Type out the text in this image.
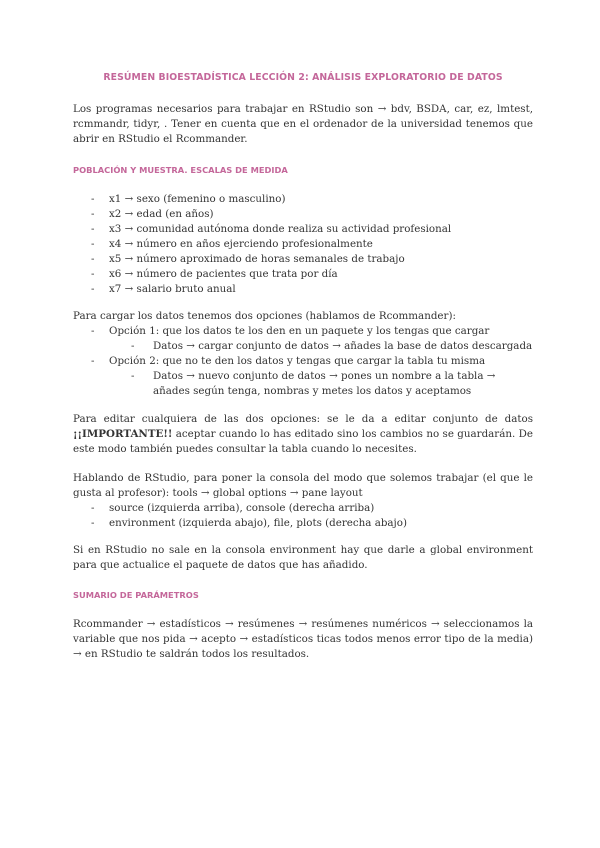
RESÚMEN BIOESTADÍSTICA LECCIÓN 2: ANÁLISIS EXPLORATORIO DE DATOS
Los programas necesarios para trabajar en RStudio son → bdv, BSDA, car, ez, lmtest, rcmmandr, tidyr, . Tener en cuenta que en el ordenador de la universidad tenemos que abrir en RStudio el Rcommander.
POBLACIÓN Y MUESTRA. ESCALAS DE MEDIDA
- x1 → sexo (femenino o masculino)
- x2 → edad (en años)
- x3 → comunidad autónoma donde realiza su actividad profesional
- x4 → número en años ejerciendo profesionalmente
- x5 → número aproximado de horas semanales de trabajo
- x6 → número de pacientes que trata por día
- x7 → salario bruto anual
Para cargar los datos tenemos dos opciones (hablamos de Rcommander):
- Opción 1: que los datos te los den en un paquete y los tengas que cargar
- Datos → cargar conjunto de datos → añades la base de datos descargada
- Opción 2: que no te den los datos y tengas que cargar la tabla tu misma
- Datos → nuevo conjunto de datos → pones un nombre a la tabla → añades según tenga, nombras y metes los datos y aceptamos
Para editar cualquiera de las dos opciones: se le da a editar conjunto de datos ¡¡IMPORTANTE!! aceptar cuando lo has editado sino los cambios no se guardarán. De este modo también puedes consultar la tabla cuando lo necesites.
Hablando de RStudio, para poner la consola del modo que solemos trabajar (el que le gusta al profesor): tools → global options → pane layout
- source (izquierda arriba), console (derecha arriba)
- environment (izquierda abajo), file, plots (derecha abajo)
Si en RStudio no sale en la consola environment hay que darle a global environment para que actualice el paquete de datos que has añadido.
SUMARIO DE PARÁMETROS
Rcommander → estadísticos → resúmenes → resúmenes numéricos → seleccionamos la variable que nos pida → acepto → estadísticos ticas todos menos error tipo de la media) → en RStudio te saldrán todos los resultados.
